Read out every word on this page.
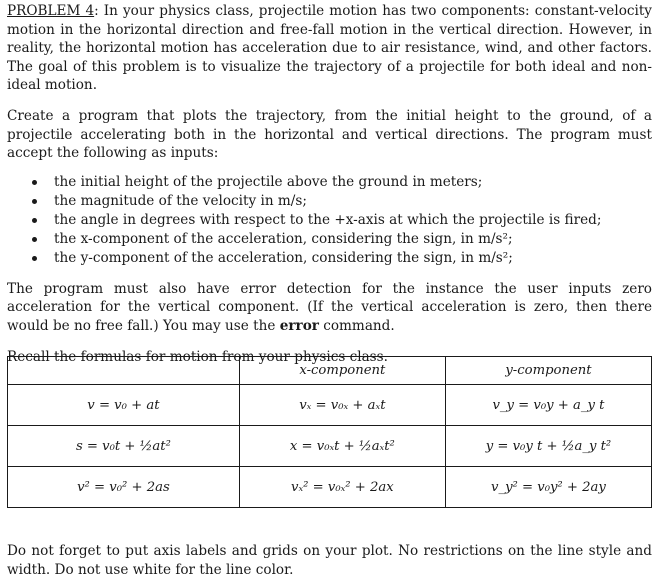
PROBLEM 4: In your physics class, projectile motion has two components: constant-velocity motion in the horizontal direction and free-fall motion in the vertical direction. However, in reality, the horizontal motion has acceleration due to air resistance, wind, and other factors. The goal of this problem is to visualize the trajectory of a projectile for both ideal and non-ideal motion.

Create a program that plots the trajectory, from the initial height to the ground, of a projectile accelerating both in the horizontal and vertical directions. The program must accept the following as inputs:

the initial height of the projectile above the ground in meters;
the magnitude of the velocity in m/s;
the angle in degrees with respect to the +x-axis at which the projectile is fired;
the x-component of the acceleration, considering the sign, in m/s²;
the y-component of the acceleration, considering the sign, in m/s²;

The program must also have error detection for the instance the user inputs zero acceleration for the vertical component. (If the vertical acceleration is zero, then there would be no free fall.) You may use the error command.

Recall the formulas for motion from your physics class.

	x-component	y-component
v = v₀ + at	vₓ = v₀ₓ + aₓt	v_y = v₀y + a_y t
s = v₀t + ½at²	x = v₀ₓt + ½aₓt²	y = v₀y t + ½a_y t²
v² = v₀² + 2as	vₓ² = v₀ₓ² + 2ax	v_y² = v₀y² + 2ay

Do not forget to put axis labels and grids on your plot. No restrictions on the line style and width. Do not use white for the line color.
